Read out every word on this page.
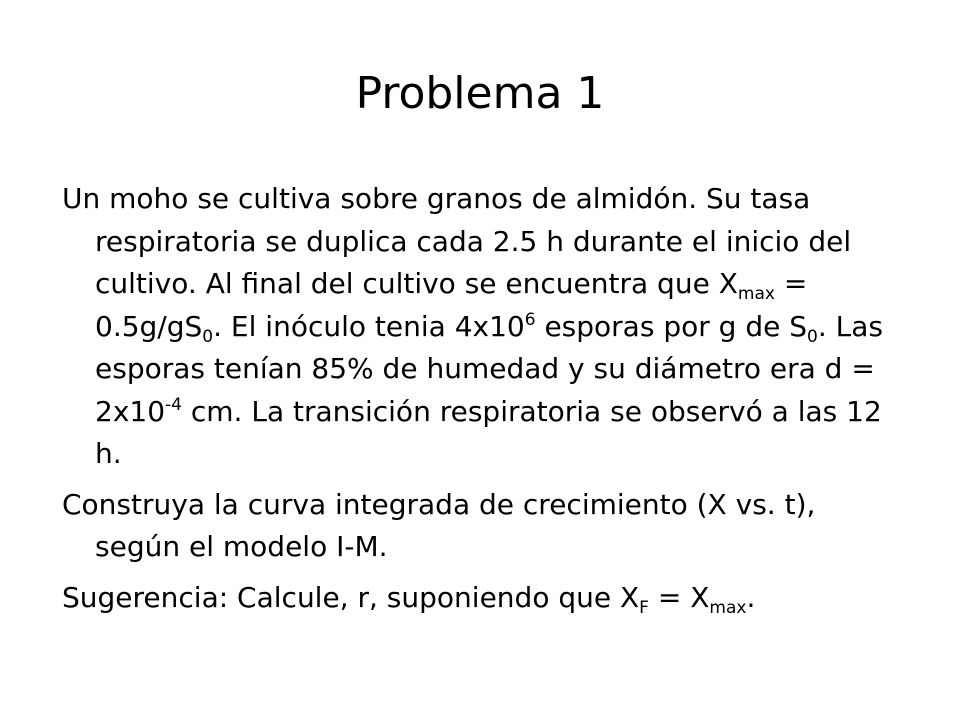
Problema 1

Un moho se cultiva sobre granos de almidón. Su tasa respiratoria se duplica cada 2.5 h durante el inicio del cultivo. Al final del cultivo se encuentra que $X_{max} = 0.5g/gS_0$. El inóculo tenia $4x10^6$ esporas por g de $S_0$. Las esporas tenían 85% de humedad y su diámetro era $d = 2x10^{-4}$ cm. La transición respiratoria se observó a las 12 h.

Construya la curva integrada de crecimiento (X vs. t), según el modelo I-M.

Sugerencia: Calcule, r, suponiendo que $X_F = X_{max}$.
